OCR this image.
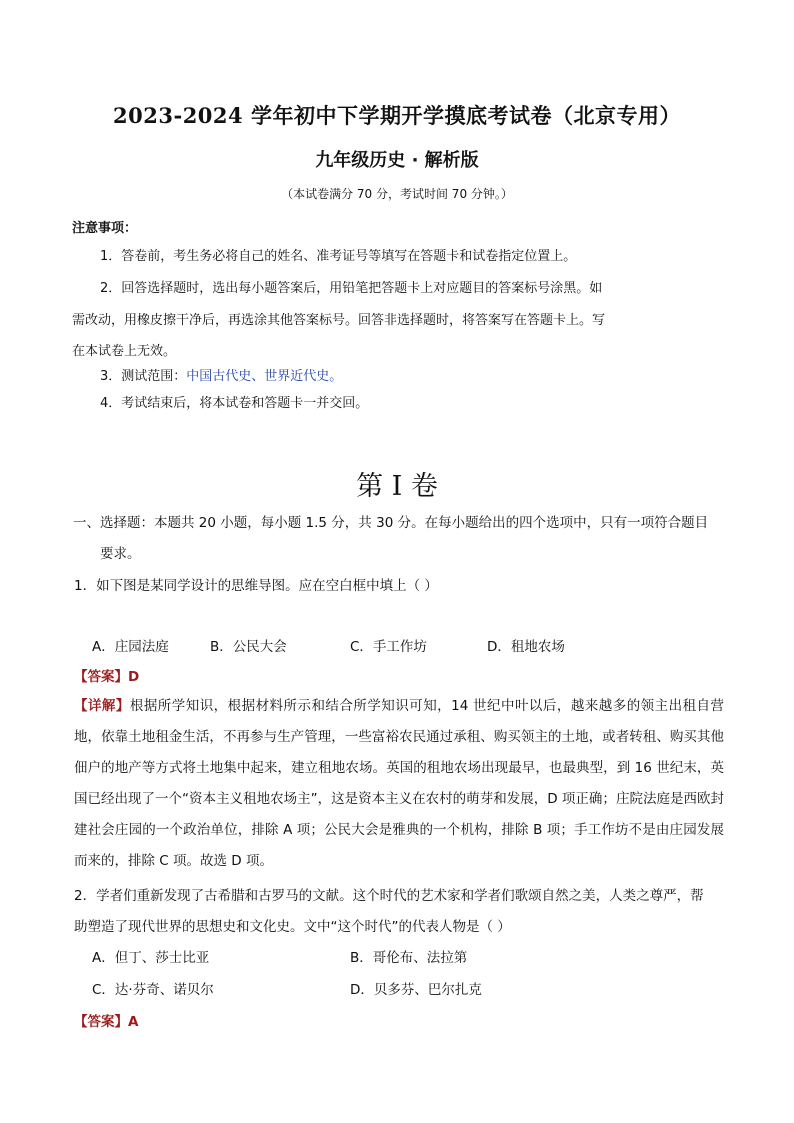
2023-2024 学年初中下学期开学摸底考试卷（北京专用）
九年级历史 · 解析版
（本试卷满分 70 分，考试时间 70 分钟。）
注意事项：
1．答卷前，考生务必将自己的姓名、准考证号等填写在答题卡和试卷指定位置上。
2．回答选择题时，选出每小题答案后，用铅笔把答题卡上对应题目的答案标号涂黑。如
需改动，用橡皮擦干净后，再选涂其他答案标号。回答非选择题时，将答案写在答题卡上。写
在本试卷上无效。
3．测试范围：中国古代史、世界近代史。
4．考试结束后，将本试卷和答题卡一并交回。
第 I 卷
一、选择题：本题共 20 小题，每小题 1.5 分，共 30 分。在每小题给出的四个选项中，只有一项符合题目
要求。
1．如下图是某同学设计的思维导图。应在空白框中填上（ ）
A．庄园法庭	B．公民大会	C．手工作坊	D．租地农场
【答案】D
【详解】根据所学知识，根据材料所示和结合所学知识可知，14 世纪中叶以后，越来越多的领主出租自营地，依靠土地租金生活，不再参与生产管理，一些富裕农民通过承租、购买领主的土地，或者转租、购买其他佃户的地产等方式将土地集中起来，建立租地农场。英国的租地农场出现最早，也最典型，到 16 世纪末，英国已经出现了一个“资本主义租地农场主”，这是资本主义在农村的萌芽和发展，D 项正确；庄院法庭是西欧封建社会庄园的一个政治单位，排除 A 项；公民大会是雅典的一个机构，排除 B 项；手工作坊不是由庄园发展而来的，排除 C 项。故选 D 项。
2．学者们重新发现了古希腊和古罗马的文献。这个时代的艺术家和学者们歌颂自然之美，人类之尊严，帮
助塑造了现代世界的思想史和文化史。文中“这个时代”的代表人物是（ ）
A．但丁、莎士比亚	B．哥伦布、法拉第
C．达·芬奇、诺贝尔	D．贝多芬、巴尔扎克
【答案】A
